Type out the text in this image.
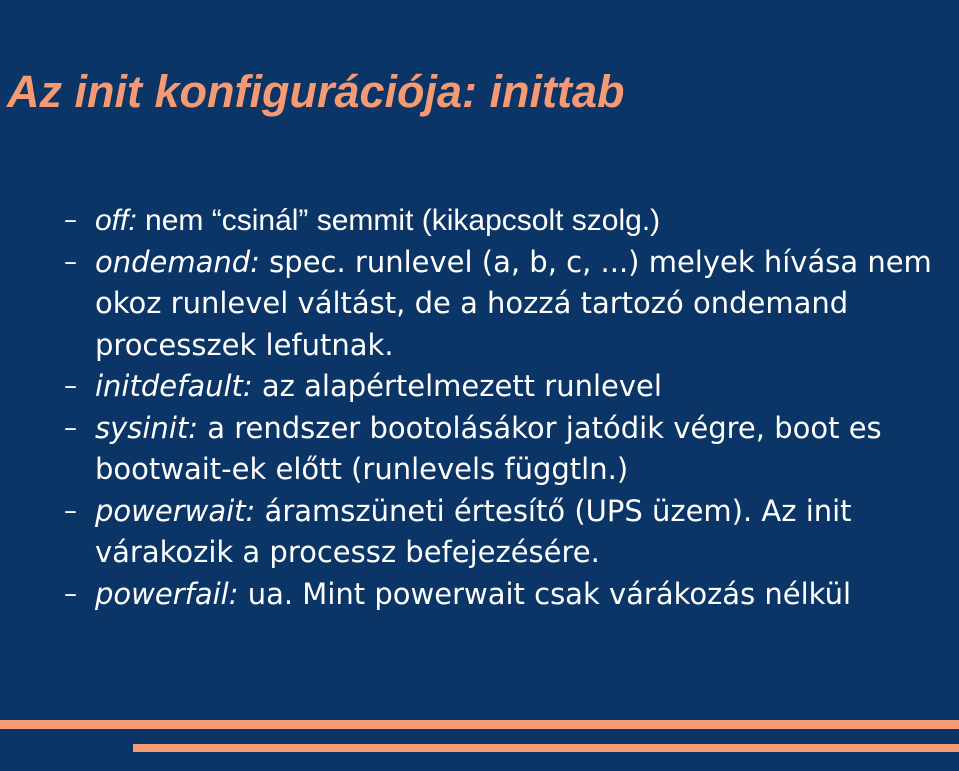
Az init konfigurációja: inittab
– off: nem “csinál” semmit (kikapcsolt szolg.)
– ondemand: spec. runlevel (a, b, c, ...) melyek hívása nem okoz runlevel váltást, de a hozzá tartozó ondemand processzek lefutnak.
– initdefault: az alapértelmezett runlevel
– sysinit: a rendszer bootolásákor jatódik végre, boot es bootwait-ek előtt (runlevels függtln.)
– powerwait: áramszüneti értesítő (UPS üzem). Az init várakozik a processz befejezésére.
– powerfail: ua. Mint powerwait csak várákozás nélkül
